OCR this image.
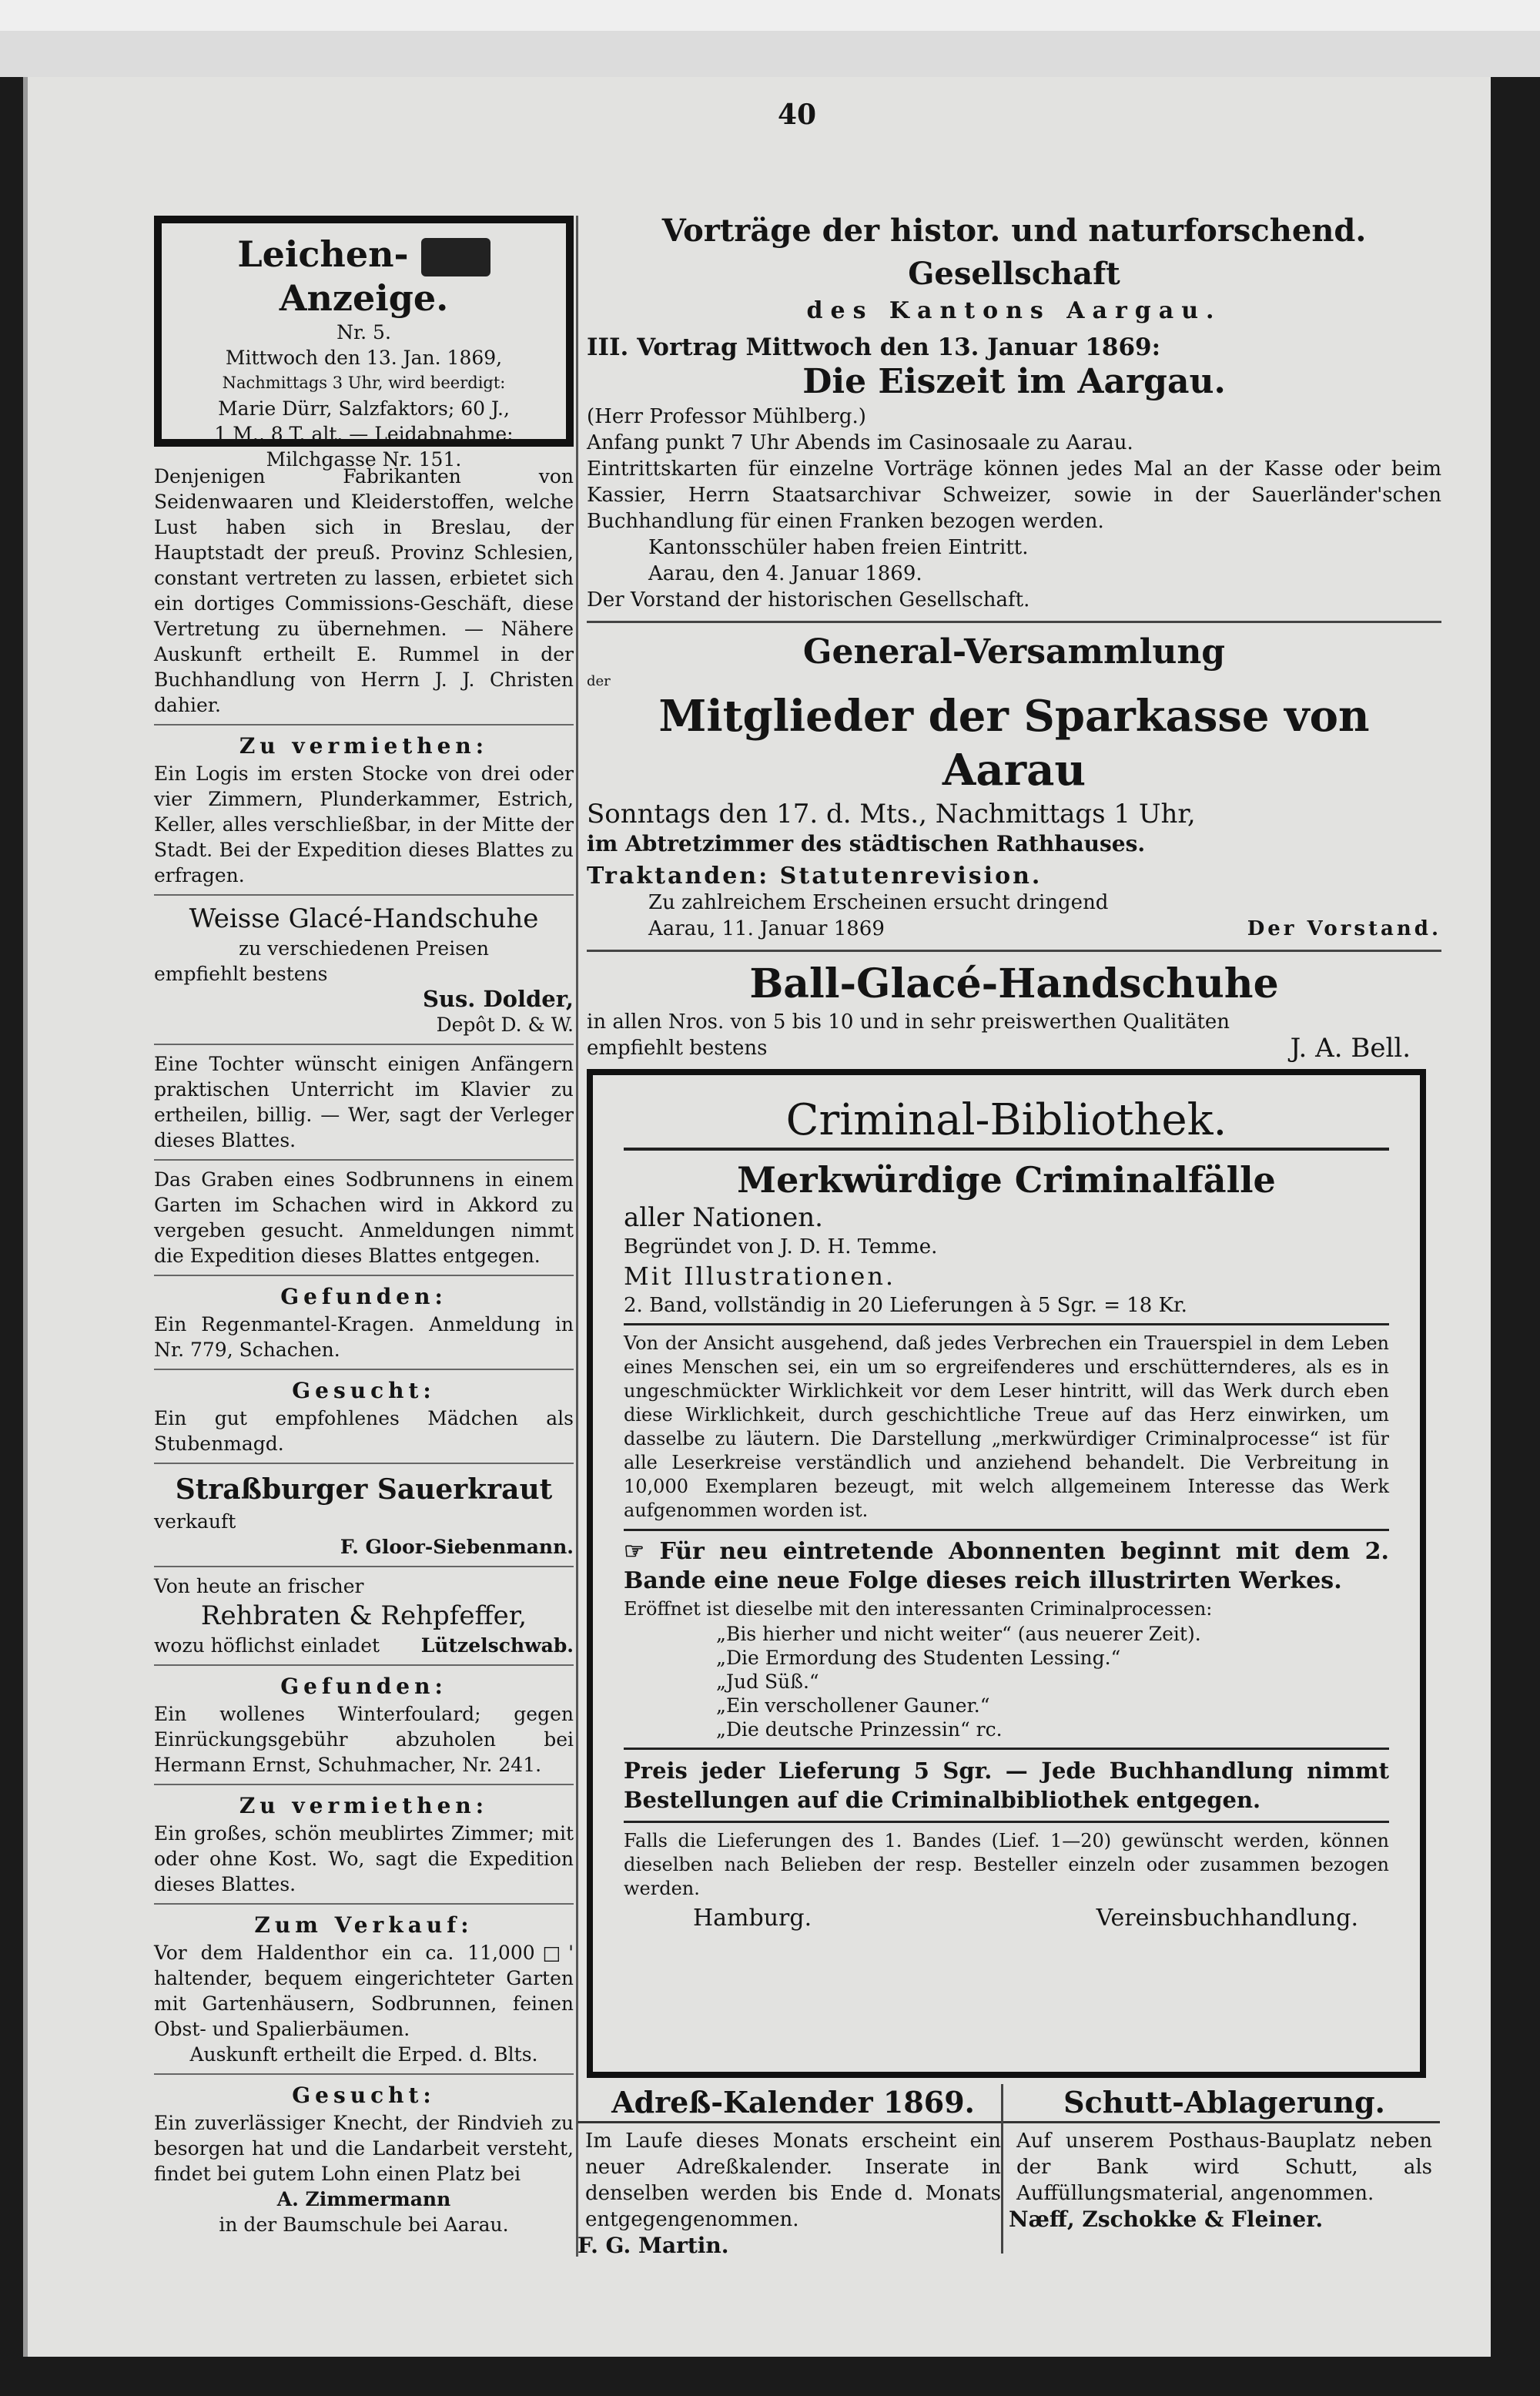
40
Leichen-  Anzeige.
Nr. 5.
Mittwoch den 13. Jan. 1869,
Nachmittags 3 Uhr, wird beerdigt:
Marie Dürr, Salzfaktors; 60 J.,
1 M., 8 T. alt. — Leidabnahme:
Milchgasse Nr. 151.
Denjenigen Fabrikanten von Seidenwaaren und Kleiderstoffen, welche Lust haben sich in Breslau, der Hauptstadt der preuß. Provinz Schlesien, constant vertreten zu lassen, erbietet sich ein dortiges Commissions-Geschäft, diese Vertretung zu übernehmen. — Nähere Auskunft ertheilt E. Rummel in der Buchhandlung von Herrn J. J. Christen dahier.
Zu vermiethen:
Ein Logis im ersten Stocke von drei oder vier Zimmern, Plunderkammer, Estrich, Keller, alles verschließbar, in der Mitte der Stadt. Bei der Expedition dieses Blattes zu erfragen.
Weisse Glacé-Handschuhe
zu verschiedenen Preisen
empfiehlt bestens
Sus. Dolder,
Depôt D. & W.
Eine Tochter wünscht einigen Anfängern praktischen Unterricht im Klavier zu ertheilen, billig. — Wer, sagt der Verleger dieses Blattes.
Das Graben eines Sodbrunnens in einem Garten im Schachen wird in Akkord zu vergeben gesucht. Anmeldungen nimmt die Expedition dieses Blattes entgegen.
Gefunden:
Ein Regenmantel-Kragen. Anmeldung in Nr. 779, Schachen.
Gesucht:
Ein gut empfohlenes Mädchen als Stubenmagd.
Straßburger Sauerkraut
verkauft
F. Gloor-Siebenmann.
Von heute an frischer
Rehbraten & Rehpfeffer,
wozu höflichst einladet Lützelschwab.
Gefunden:
Ein wollenes Winterfoulard; gegen Einrückungsgebühr abzuholen bei Hermann Ernst, Schuhmacher, Nr. 241.
Zu vermiethen:
Ein großes, schön meublirtes Zimmer; mit oder ohne Kost. Wo, sagt die Expedition dieses Blattes.
Zum Verkauf:
Vor dem Haldenthor ein ca. 11,000□' haltender, bequem eingerichteter Garten mit Gartenhäusern, Sodbrunnen, feinen Obst- und Spalierbäumen.
Auskunft ertheilt die Erped. d. Blts.
Gesucht:
Ein zuverlässiger Knecht, der Rindvieh zu besorgen hat und die Landarbeit versteht, findet bei gutem Lohn einen Platz bei
A. Zimmermann
in der Baumschule bei Aarau.
Vorträge der histor. und naturforschend. Gesellschaft
des Kantons Aargau.
III. Vortrag Mittwoch den 13. Januar 1869:
Die Eiszeit im Aargau.
(Herr Professor Mühlberg.)
Anfang punkt 7 Uhr Abends im Casinosaale zu Aarau.
Eintrittskarten für einzelne Vorträge können jedes Mal an der Kasse oder beim Kassier, Herrn Staatsarchivar Schweizer, sowie in der Sauerländer'schen Buchhandlung für einen Franken bezogen werden.
Kantonsschüler haben freien Eintritt.
Aarau, den 4. Januar 1869.
Der Vorstand der historischen Gesellschaft.
General-Versammlung
der
Mitglieder der Sparkasse von Aarau
Sonntags den 17. d. Mts., Nachmittags 1 Uhr,
im Abtretzimmer des städtischen Rathhauses.
Traktanden: Statutenrevision.
Zu zahlreichem Erscheinen ersucht dringend
Aarau, 11. Januar 1869	Der Vorstand.
Ball-Glacé-Handschuhe
in allen Nros. von 5 bis 10 und in sehr preiswerthen Qualitäten
empfiehlt bestens	J. A. Bell.
Criminal-Bibliothek.
Merkwürdige Criminalfälle
aller Nationen.
Begründet von J. D. H. Temme.
Mit Illustrationen.
2. Band, vollständig in 20 Lieferungen à 5 Sgr. = 18 Kr.
Von der Ansicht ausgehend, daß jedes Verbrechen ein Trauerspiel in dem Leben eines Menschen sei, ein um so ergreifenderes und erschütternderes, als es in ungeschmückter Wirklichkeit vor dem Leser hintritt, will das Werk durch eben diese Wirklichkeit, durch geschichtliche Treue auf das Herz einwirken, um dasselbe zu läutern. Die Darstellung „merkwürdiger Criminalprocesse“ ist für alle Leserkreise verständlich und anziehend behandelt. Die Verbreitung in 10,000 Exemplaren bezeugt, mit welch allgemeinem Interesse das Werk aufgenommen worden ist.
☞ Für neu eintretende Abonnenten beginnt mit dem 2. Bande eine neue Folge dieses reich illustrirten Werkes.
Eröffnet ist dieselbe mit den interessanten Criminalprocessen:
„Bis hierher und nicht weiter“ (aus neuerer Zeit).
„Die Ermordung des Studenten Lessing.“
„Jud Süß.“
„Ein verschollener Gauner.“
„Die deutsche Prinzessin“ rc.
Preis jeder Lieferung 5 Sgr. — Jede Buchhandlung nimmt Bestellungen auf die Criminalbibliothek entgegen.
Falls die Lieferungen des 1. Bandes (Lief. 1—20) gewünscht werden, können dieselben nach Belieben der resp. Besteller einzeln oder zusammen bezogen werden.
Hamburg.	Vereinsbuchhandlung.
Adreß-Kalender 1869.
Im Laufe dieses Monats erscheint ein neuer Adreßkalender. Inserate in denselben werden bis Ende d. Monats entgegengenommen.
F. G. Martin.
Schutt-Ablagerung.
Auf unserem Posthaus-Bauplatz neben der Bank wird Schutt, als Auffüllungsmaterial, angenommen.
Næff, Zschokke & Fleiner.
